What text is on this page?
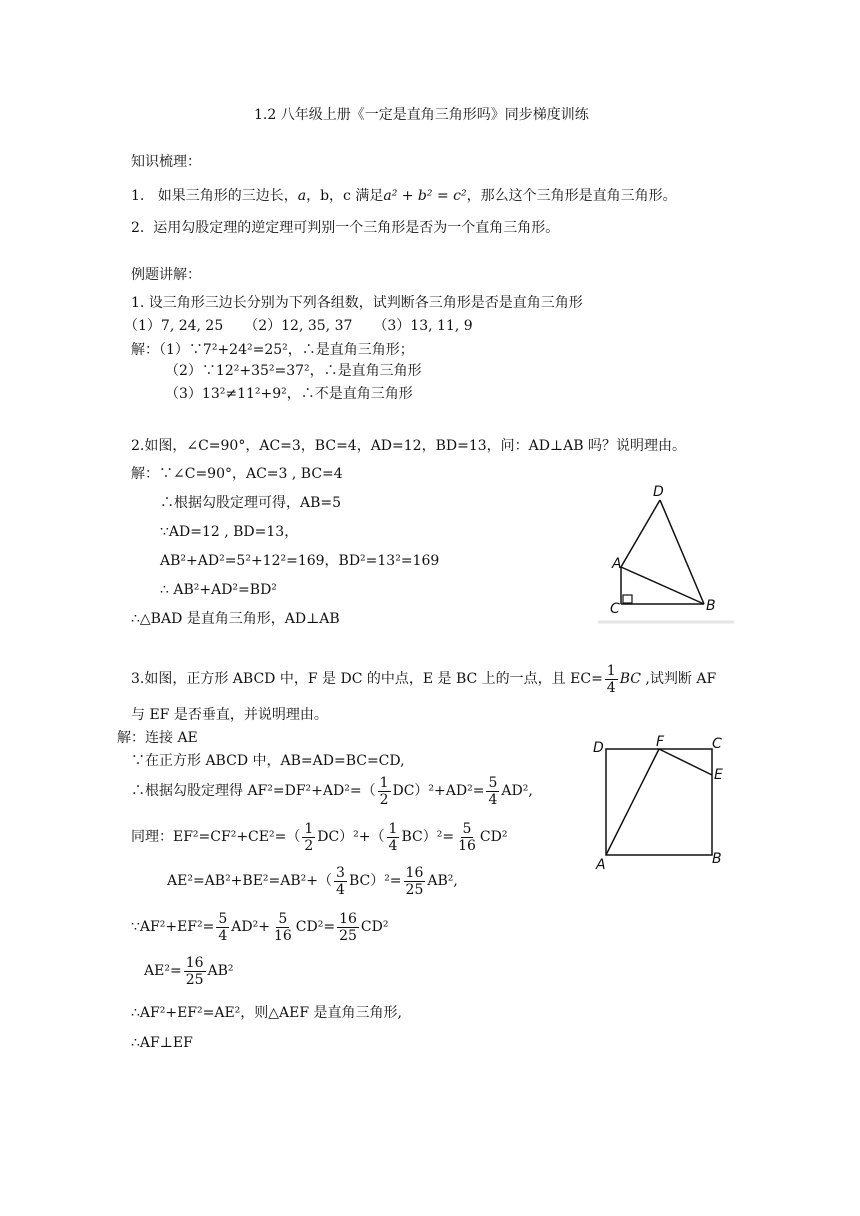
1.2 八年级上册《一定是直角三角形吗》同步梯度训练
知识梳理：
1. 如果三角形的三边长，a，b，c 满足a² + b² = c²，那么这个三角形是直角三角形。
2. 运用勾股定理的逆定理可判别一个三角形是否为一个直角三角形。
例题讲解：
1. 设三角形三边长分别为下列各组数，试判断各三角形是否是直角三角形
（1）7, 24, 25　　（2）12, 35, 37　　（3）13, 11, 9
解：（1）∵7²+24²=25²，∴是直角三角形；
（2）∵12²+35²=37²，∴是直角三角形
（3）13²≠11²+9²，∴不是直角三角形
2.如图，∠C=90°，AC=3，BC=4，AD=12，BD=13，问：AD⊥AB 吗？说明理由。
解：∵∠C=90°，AC=3 , BC=4
∴根据勾股定理可得，AB=5
∵AD=12 , BD=13，
AB²+AD²=5²+12²=169，BD²=13²=169
∴ AB²+AD²=BD²
∴△BAD 是直角三角形，AD⊥AB
D
A
C	B
3.如图，正方形 ABCD 中，F 是 DC 的中点，E 是 BC 上的一点，且 $EC= \frac{1}{4}$ BC ,试判断 AF
与 EF 是否垂直，并说明理由。
解：连接 AE
∵在正方形 ABCD 中，AB=AD=BC=CD,
∴根据勾股定理得 $AF^2=DF^2+AD^2=( \frac{1}{2} DC)^2+AD^2= \frac{5}{4} AD^2$,
同理：$EF^2=CF^2+CE^2=( \frac{1}{2} DC)^2+( \frac{1}{4} BC)^2= \frac{5}{16} CD^2$
$AE^2=AB^2+BE^2=AB^2+( \frac{3}{4} BC)^2= \frac{16}{25} AB^2$,
∵AF²+EF²= $\frac{5}{4} AD^2+ \frac{5}{16} CD^2= \frac{16}{25} CD^2$
$AE^2= \frac{16}{25} AB^2$
∴AF²+EF²=AE²，则△AEF 是直角三角形,
∴AF⊥EF
D	F	C
E
A	B
